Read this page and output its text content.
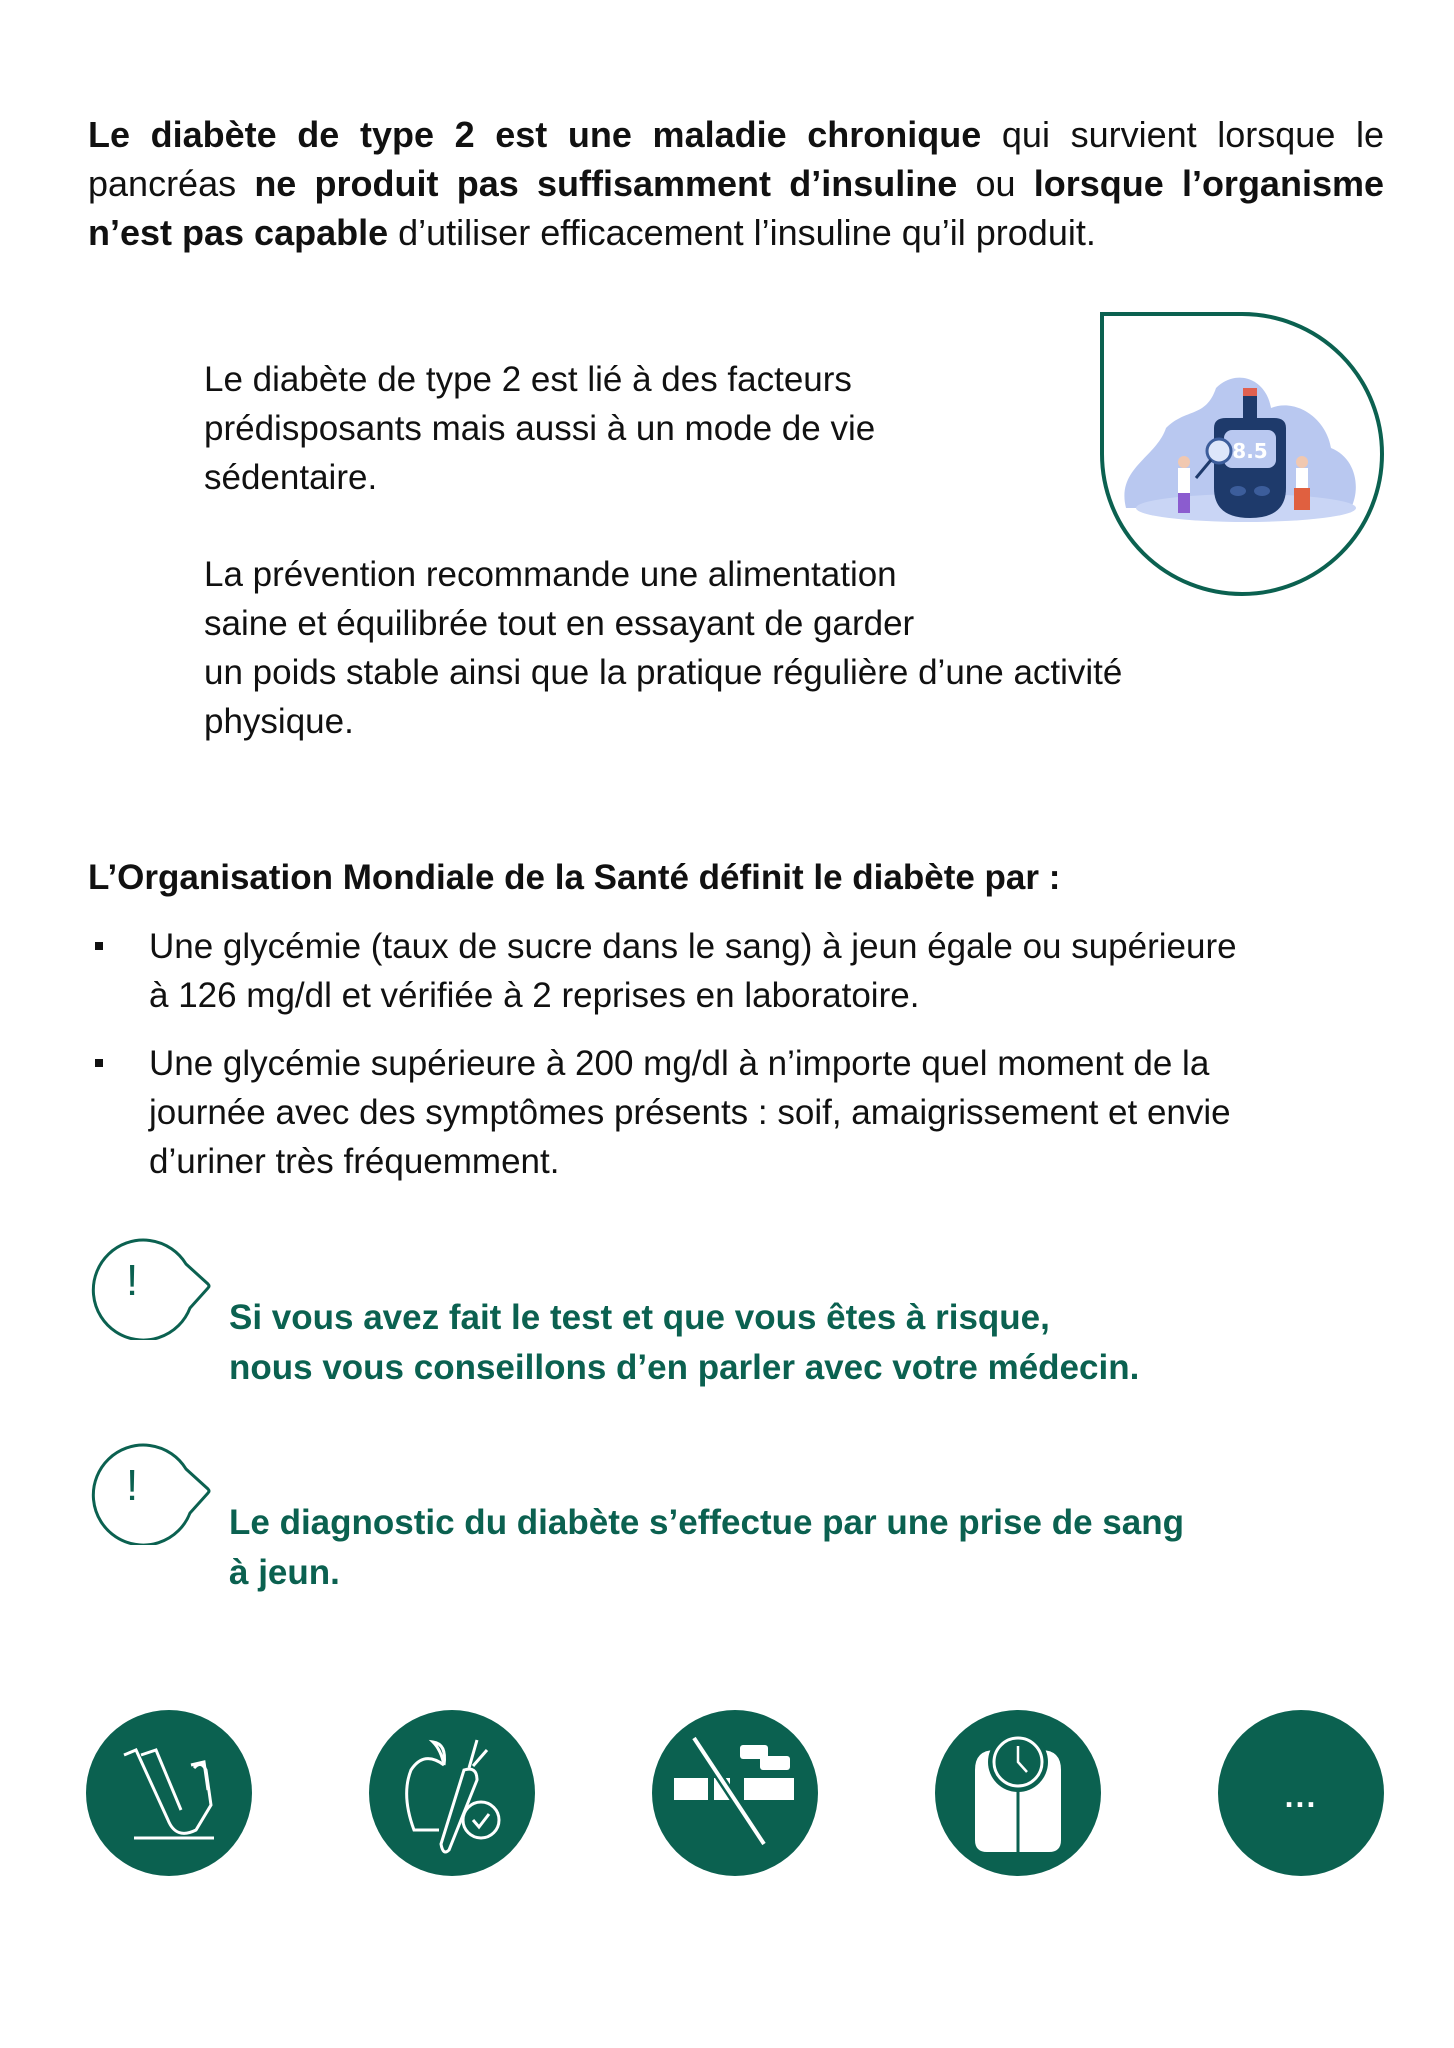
Le diabète de type 2 est une maladie chronique qui survient lorsque le pancréas ne produit pas suffisamment d’insuline ou lorsque l’organisme n’est pas capable d’utiliser efficacement l’insuline qu’il produit.
Le diabète de type 2 est lié à des facteurs
prédisposants mais aussi à un mode de vie
sédentaire.
La prévention recommande une alimentation
saine et équilibrée tout en essayant de garder
un poids stable ainsi que la pratique régulière d’une activité
physique.
8.5
L’Organisation Mondiale de la Santé définit le diabète par :
Une glycémie (taux de sucre dans le sang) à jeun égale ou supérieure
à 126 mg/dl et vérifiée à 2 reprises en laboratoire.
Une glycémie supérieure à 200 mg/dl à n’importe quel moment de la
journée avec des symptômes présents : soif, amaigrissement et envie
d’uriner très fréquemment.
!
Si vous avez fait le test et que vous êtes à risque,
nous vous conseillons d’en parler avec votre médecin.
!
Le diagnostic du diabète s’effectue par une prise de sang
à jeun.
...
